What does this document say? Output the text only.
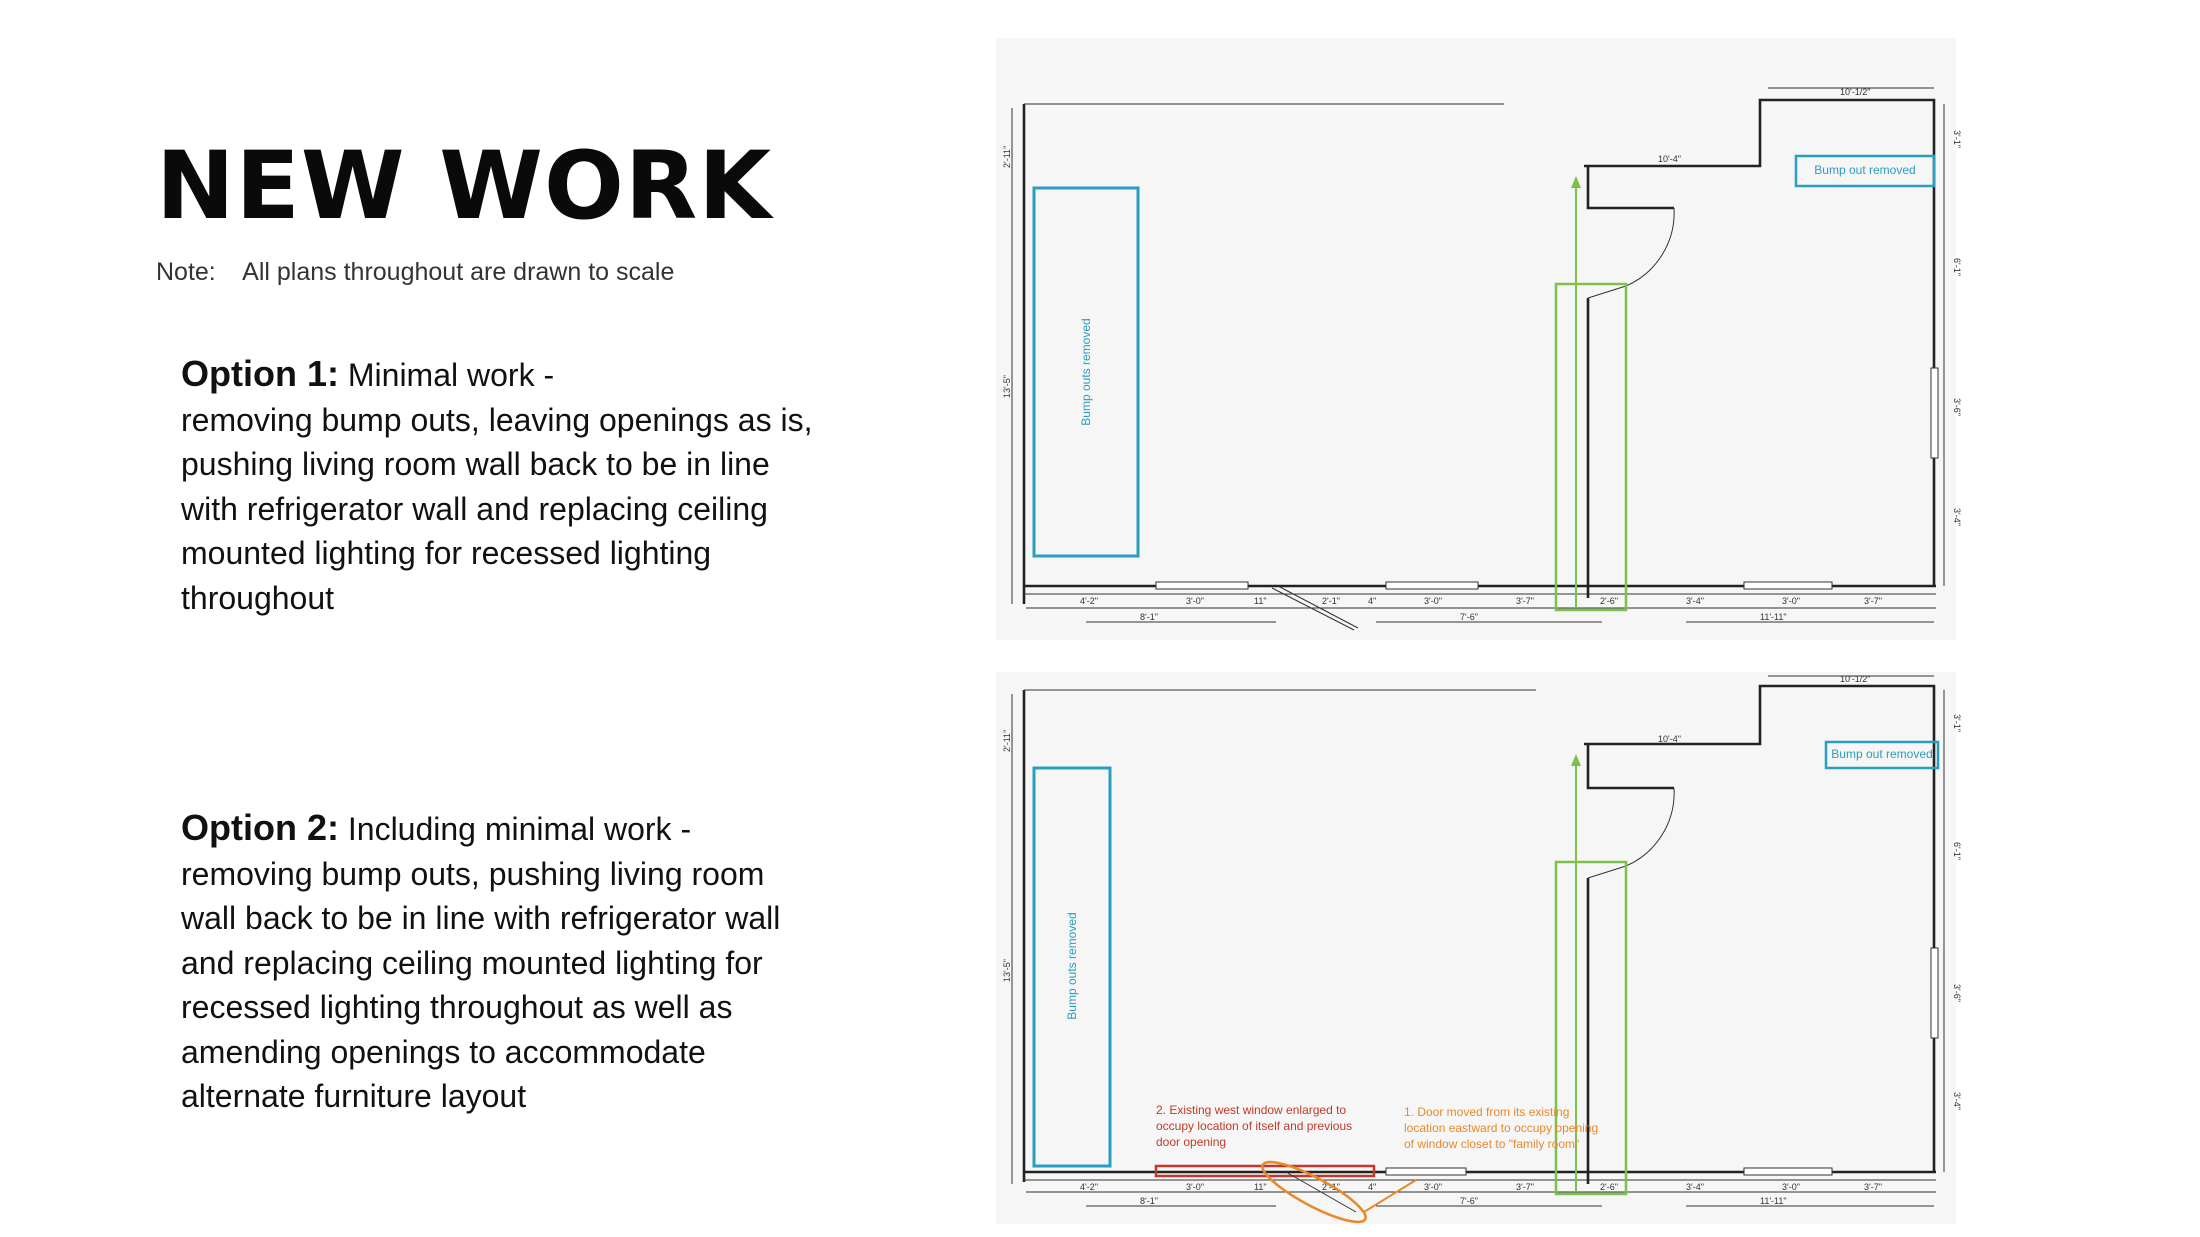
NEW WORK
Note:    All plans throughout are drawn to scale
Option 1: Minimal work -
removing bump outs, leaving openings as is,
pushing living room wall back to be in line
with refrigerator wall and replacing ceiling
mounted lighting for recessed lighting
throughout
Option 2: Including minimal work -
removing bump outs, pushing living room
wall back to be in line with refrigerator wall
and replacing ceiling mounted lighting for
recessed lighting throughout as well as
amending openings to accommodate
alternate furniture layout
10'-1/2"
10'-4"
2'-11"
13'-5"
3'-1"
6'-1"
3'-6"
3'-4"
4'-2"	3'-0"	11"	2'-1"	4"	3'-0"	3'-7"	2'-6"	3'-4"	3'-0"	3'-7"
8'-1"	7'-6"	11'-11"
Bump outs removed
Bump out removed
10'-1/2"
10'-4"
2'-11"
13'-5"
3'-1"
6'-1"
3'-6"
3'-4"
4'-2"	3'-0"	11"	2'-1"	4"	3'-0"	3'-7"	2'-6"	3'-4"	3'-0"	3'-7"
8'-1"	7'-6"	11'-11"
Bump outs removed
Bump out removed
2. Existing west window enlarged to occupy location of itself and previous door opening
1. Door moved from its existing location eastward to occupy opening of window closet to "family room"
